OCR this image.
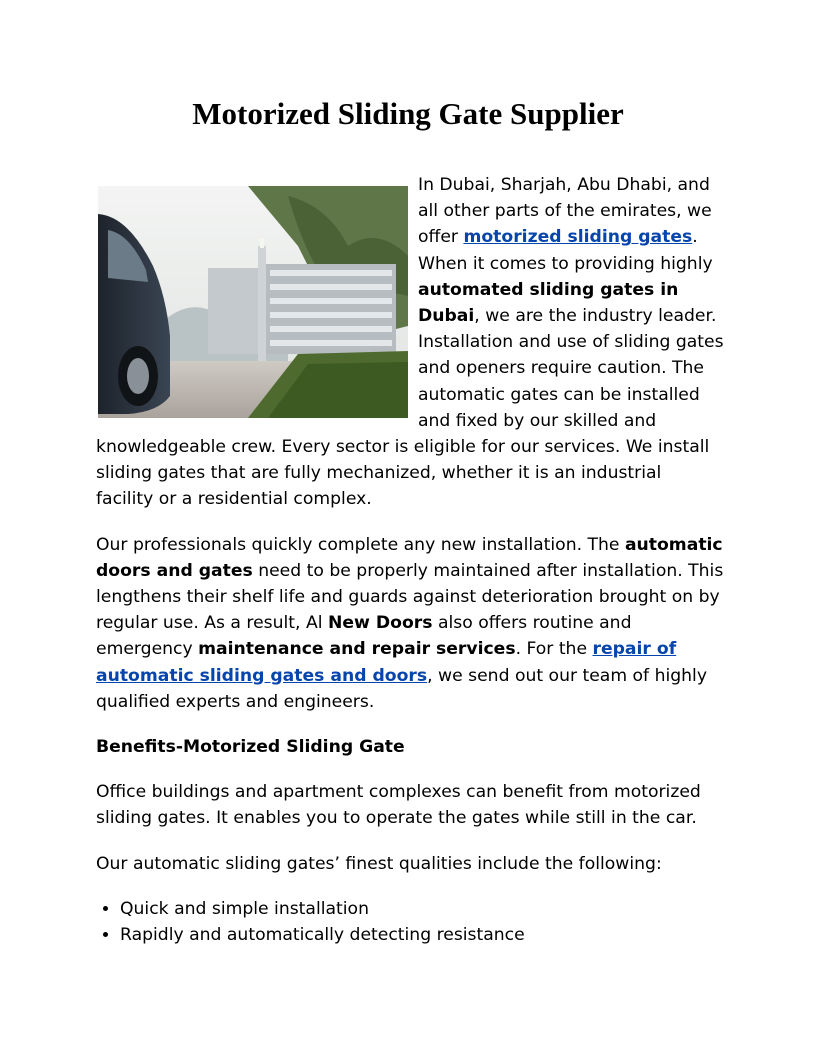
Motorized Sliding Gate Supplier

In Dubai, Sharjah, Abu Dhabi, and all other parts of the emirates, we offer motorized sliding gates. When it comes to providing highly automated sliding gates in Dubai, we are the industry leader. Installation and use of sliding gates and openers require caution. The automatic gates can be installed and fixed by our skilled and knowledgeable crew. Every sector is eligible for our services. We install sliding gates that are fully mechanized, whether it is an industrial facility or a residential complex.

Our professionals quickly complete any new installation. The automatic doors and gates need to be properly maintained after installation. This lengthens their shelf life and guards against deterioration brought on by regular use. As a result, Al New Doors also offers routine and emergency maintenance and repair services. For the repair of automatic sliding gates and doors, we send out our team of highly qualified experts and engineers.

Benefits-Motorized Sliding Gate

Office buildings and apartment complexes can benefit from motorized sliding gates. It enables you to operate the gates while still in the car.

Our automatic sliding gates’ finest qualities include the following:

• Quick and simple installation
• Rapidly and automatically detecting resistance
